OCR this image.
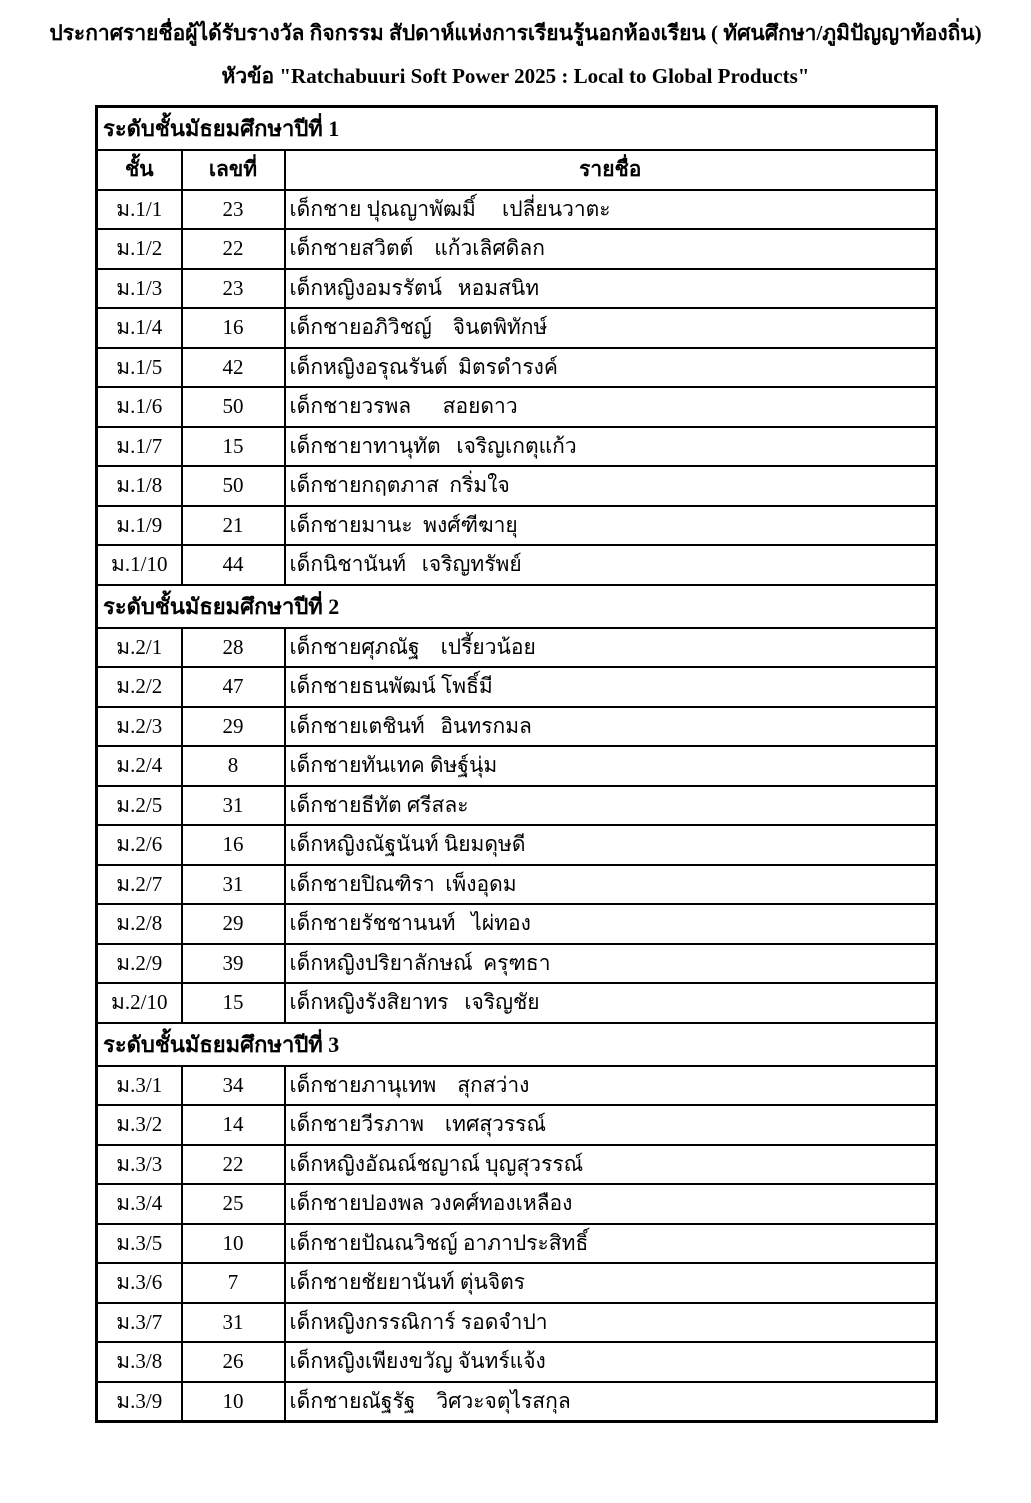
ประกาศรายชื่อผู้ได้รับรางวัล กิจกรรม สัปดาห์แห่งการเรียนรู้นอกห้องเรียน ( ทัศนศึกษา/ภูมิปัญญาท้องถิ่น)
หัวข้อ "Ratchabuuri Soft Power 2025 : Local to Global Products"
ระดับชั้นมัธยมศึกษาปีที่ 1		
ชั้น	เลขที่	รายชื่อ
ม.1/1	23	เด็กชาย ปุณญาพัฒมิ์     เปลี่ยนวาตะ
ม.1/2	22	เด็กชายสวิตต์    แก้วเลิศดิลก
ม.1/3	23	เด็กหญิงอมรรัตน์   หอมสนิท
ม.1/4	16	เด็กชายอภิวิชญ์    จินตพิทักษ์
ม.1/5	42	เด็กหญิงอรุณรันต์  มิตรดำรงค์
ม.1/6	50	เด็กชายวรพล      สอยดาว
ม.1/7	15	เด็กชายาทานุทัต   เจริญเกตุแก้ว
ม.1/8	50	เด็กชายกฤตภาส  กริ่มใจ
ม.1/9	21	เด็กชายมานะ  พงศ์ฑีฆายุ
ม.1/10	44	เด็กนิชานันท์   เจริญทรัพย์
ระดับชั้นมัธยมศึกษาปีที่ 2		
ม.2/1	28	เด็กชายศุภณัฐ    เปรี้ยวน้อย
ม.2/2	47	เด็กชายธนพัฒน์ โพธิ์มี
ม.2/3	29	เด็กชายเตชินท์   อินทรกมล
ม.2/4	8	เด็กชายทันเทค ดิษฐ์นุ่ม
ม.2/5	31	เด็กชายธีทัต ศรีสละ
ม.2/6	16	เด็กหญิงณัฐนันท์ นิยมดุษดี
ม.2/7	31	เด็กชายปิณฑิรา  เพ็งอุดม
ม.2/8	29	เด็กชายรัชชานนท์   ไผ่ทอง
ม.2/9	39	เด็กหญิงปริยาลักษณ์  ครุฑธา
ม.2/10	15	เด็กหญิงรังสิยาทร   เจริญชัย
ระดับชั้นมัธยมศึกษาปีที่ 3		
ม.3/1	34	เด็กชายภานุเทพ    สุกสว่าง
ม.3/2	14	เด็กชายวีรภาพ    เทศสุวรรณ์
ม.3/3	22	เด็กหญิงอัณณ์ชญาณ์ บุญสุวรรณ์
ม.3/4	25	เด็กชายปองพล วงคศ์ทองเหลือง
ม.3/5	10	เด็กชายปัณณวิชญ์ อาภาประสิทธิ์
ม.3/6	7	เด็กชายชัยยานันท์ ตุ่นจิตร
ม.3/7	31	เด็กหญิงกรรณิการ์ รอดจำปา
ม.3/8	26	เด็กหญิงเพียงขวัญ จันทร์แจ้ง
ม.3/9	10	เด็กชายณัฐรัฐ    วิศวะจตุไรสกุล
